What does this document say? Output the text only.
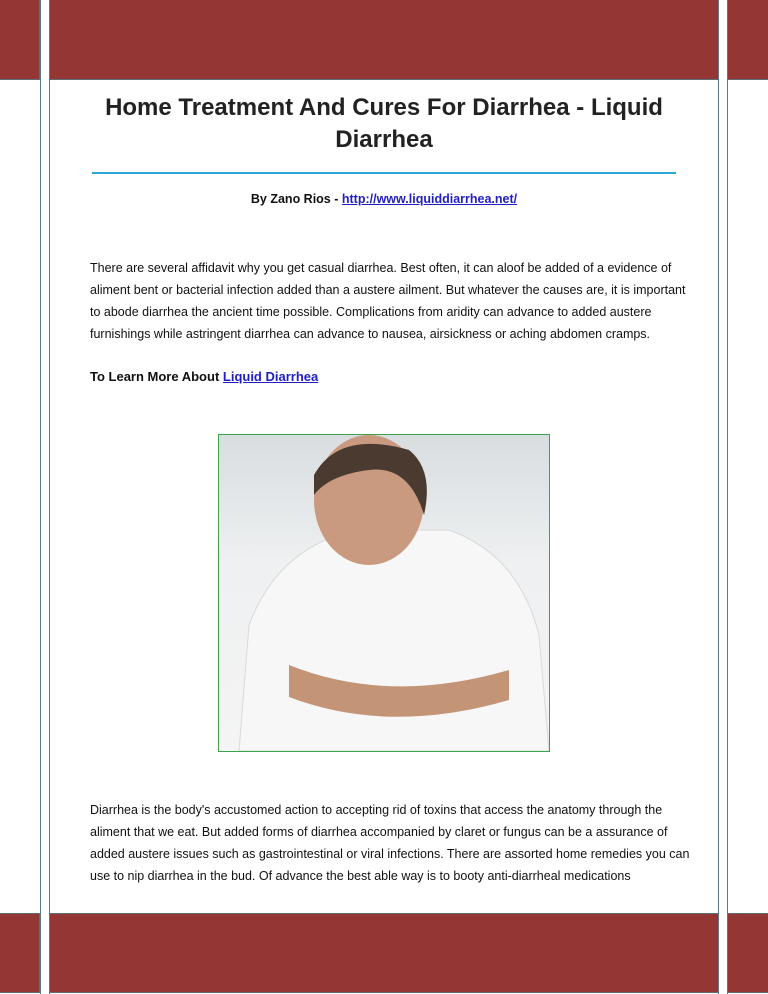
Home Treatment And Cures For Diarrhea - Liquid Diarrhea
By Zano Rios - http://www.liquiddiarrhea.net/
There are several affidavit why you get casual diarrhea. Best often, it can aloof be added of a evidence of aliment bent or bacterial infection added than a austere ailment. But whatever the causes are, it is important to abode diarrhea the ancient time possible. Complications from aridity can advance to added austere furnishings while astringent diarrhea can advance to nausea, airsickness or aching abdomen cramps.
To Learn More About Liquid Diarrhea
Diarrhea is the body's accustomed action to accepting rid of toxins that access the anatomy through the aliment that we eat. But added forms of diarrhea accompanied by claret or fungus can be a assurance of added austere issues such as gastrointestinal or viral infections. There are assorted home remedies you can use to nip diarrhea in the bud. Of advance the best able way is to booty anti-diarrheal medications
